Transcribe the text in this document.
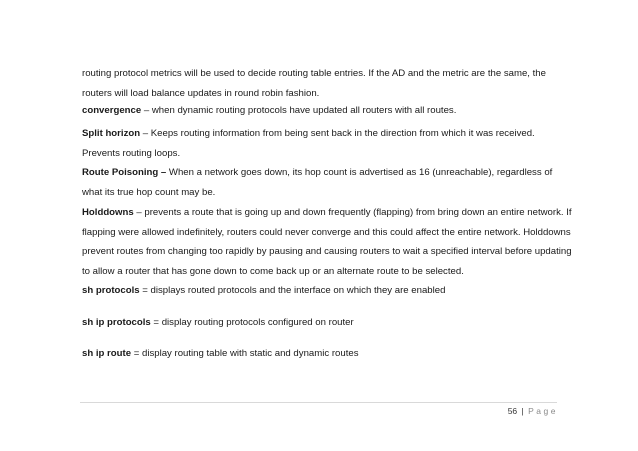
routing protocol metrics will be used to decide routing table entries. If the AD and the metric are the same, the routers will load balance updates in round robin fashion.

convergence – when dynamic routing protocols have updated all routers with all routes.

Split horizon – Keeps routing information from being sent back in the direction from which it was received. Prevents routing loops.

Route Poisoning – When a network goes down, its hop count is advertised as 16 (unreachable), regardless of what its true hop count may be.

Holddowns – prevents a route that is going up and down frequently (flapping) from bring down an entire network. If flapping were allowed indefinitely, routers could never converge and this could affect the entire network. Holddowns prevent routes from changing too rapidly by pausing and causing routers to wait a specified interval before updating to allow a router that has gone down to come back up or an alternate route to be selected.

sh protocols = displays routed protocols and the interface on which they are enabled

sh ip protocols = display routing protocols configured on router

sh ip route = display routing table with static and dynamic routes

56 | Page
